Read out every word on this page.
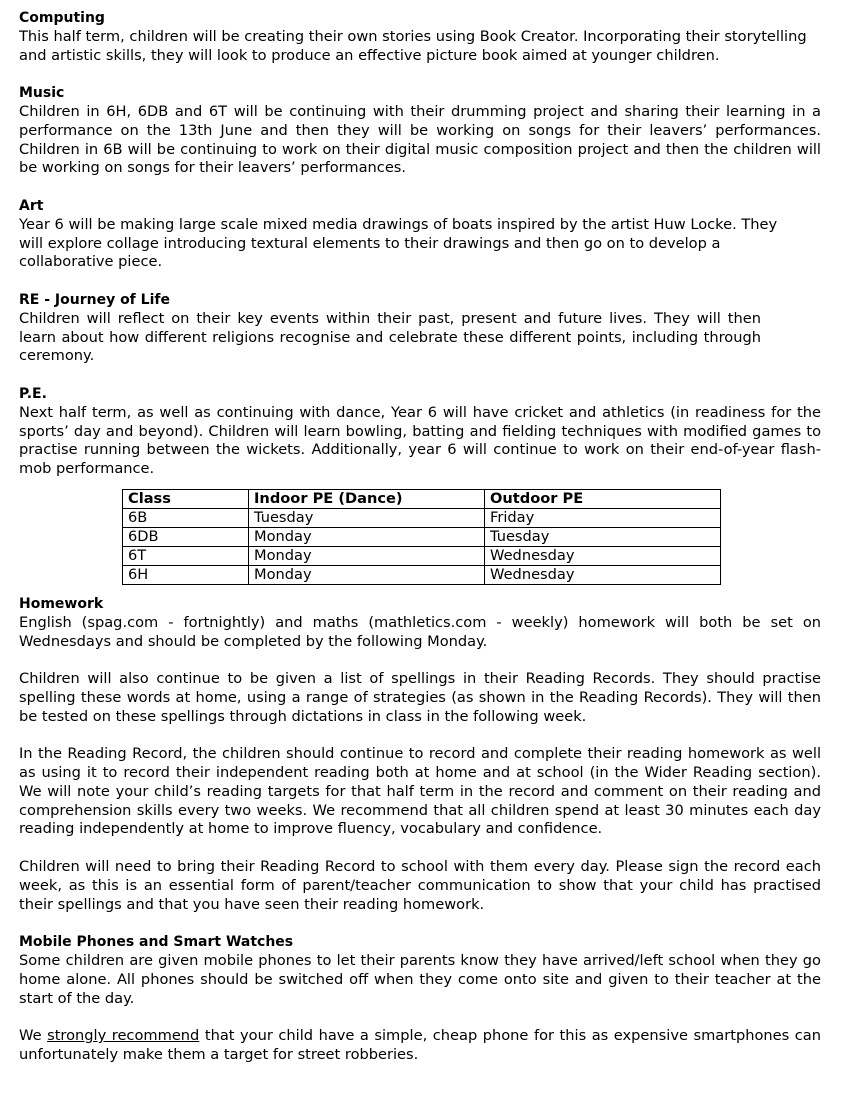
Computing

This half term, children will be creating their own stories using Book Creator. Incorporating their storytelling and artistic skills, they will look to produce an effective picture book aimed at younger children.

Music

Children in 6H, 6DB and 6T will be continuing with their drumming project and sharing their learning in a performance on the 13th June and then they will be working on songs for their leavers’ performances. Children in 6B will be continuing to work on their digital music composition project and then the children will be working on songs for their leavers’ performances.

Art

Year 6 will be making large scale mixed media drawings of boats inspired by the artist Huw Locke. They will explore collage introducing textural elements to their drawings and then go on to develop a collaborative piece.

RE - Journey of Life

Children will reflect on their key events within their past, present and future lives. They will then learn about how different religions recognise and celebrate these different points, including through ceremony.

P.E.

Next half term, as well as continuing with dance, Year 6 will have cricket and athletics (in readiness for the sports’ day and beyond). Children will learn bowling, batting and fielding techniques with modified games to practise running between the wickets. Additionally, year 6 will continue to work on their end-of-year flash-mob performance.

Class	Indoor PE (Dance)	Outdoor PE
6B	Tuesday	Friday
6DB	Monday	Tuesday
6T	Monday	Wednesday
6H	Monday	Wednesday

Homework

English (spag.com - fortnightly) and maths (mathletics.com - weekly) homework will both be set on Wednesdays and should be completed by the following Monday.

Children will also continue to be given a list of spellings in their Reading Records. They should practise spelling these words at home, using a range of strategies (as shown in the Reading Records). They will then be tested on these spellings through dictations in class in the following week.

In the Reading Record, the children should continue to record and complete their reading homework as well as using it to record their independent reading both at home and at school (in the Wider Reading section). We will note your child’s reading targets for that half term in the record and comment on their reading and comprehension skills every two weeks. We recommend that all children spend at least 30 minutes each day reading independently at home to improve fluency, vocabulary and confidence.

Children will need to bring their Reading Record to school with them every day. Please sign the record each week, as this is an essential form of parent/teacher communication to show that your child has practised their spellings and that you have seen their reading homework.

Mobile Phones and Smart Watches

Some children are given mobile phones to let their parents know they have arrived/left school when they go home alone. All phones should be switched off when they come onto site and given to their teacher at the start of the day.

We strongly recommend that your child have a simple, cheap phone for this as expensive smartphones can unfortunately make them a target for street robberies.
